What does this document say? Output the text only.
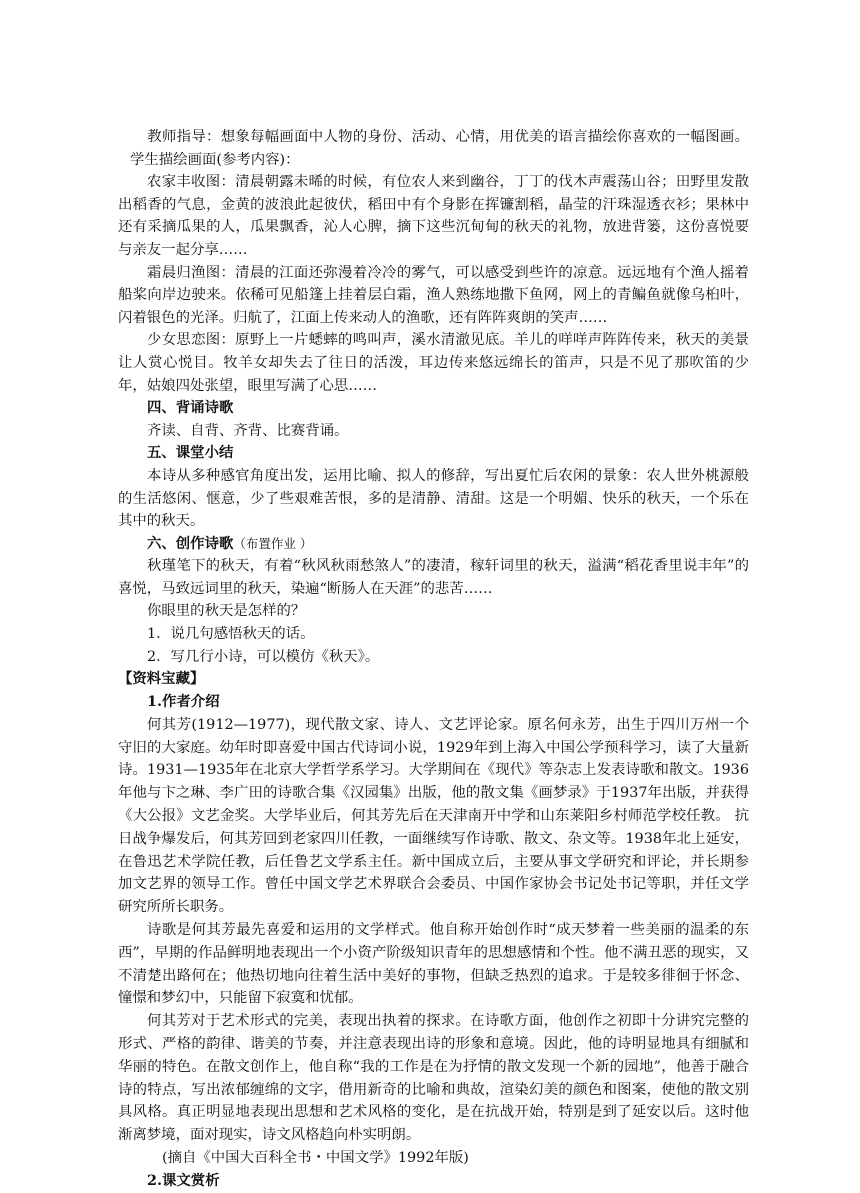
教师指导：想象每幅画面中人物的身份、活动、心情，用优美的语言描绘你喜欢的一幅图画。学生描绘画面(参考内容)：

农家丰收图：清晨朝露未晞的时候，有位农人来到幽谷，丁丁的伐木声震荡山谷；田野里发散出稻香的气息，金黄的波浪此起彼伏，稻田中有个身影在挥镰割稻，晶莹的汗珠湿透衣衫；果林中还有采摘瓜果的人，瓜果飘香，沁人心脾，摘下这些沉甸甸的秋天的礼物，放进背篓，这份喜悦要与亲友一起分享……

霜晨归渔图：清晨的江面还弥漫着冷冷的雾气，可以感受到些许的凉意。远远地有个渔人摇着船桨向岸边驶来。依稀可见船篷上挂着层白霜，渔人熟练地撒下鱼网，网上的青鳊鱼就像乌桕叶，闪着银色的光泽。归航了，江面上传来动人的渔歌，还有阵阵爽朗的笑声……

少女思恋图：原野上一片蟋蟀的鸣叫声，溪水清澈见底。羊儿的咩咩声阵阵传来，秋天的美景让人赏心悦目。牧羊女却失去了往日的活泼，耳边传来悠远绵长的笛声，只是不见了那吹笛的少年，姑娘四处张望，眼里写满了心思……

四、背诵诗歌

齐读、自背、齐背、比赛背诵。

五、课堂小结

本诗从多种感官角度出发，运用比喻、拟人的修辞，写出夏忙后农闲的景象：农人世外桃源般的生活悠闲、惬意，少了些艰难苦恨，多的是清静、清甜。这是一个明媚、快乐的秋天，一个乐在其中的秋天。

六、创作诗歌（布置作业 ）

秋瑾笔下的秋天，有着“秋风秋雨愁煞人”的凄清，稼轩词里的秋天，溢满“稻花香里说丰年”的喜悦，马致远词里的秋天，染遍“断肠人在天涯”的悲苦……

你眼里的秋天是怎样的？

1．说几句感悟秋天的话。

2．写几行小诗，可以模仿《秋天》。

【资料宝藏】

1.作者介绍

何其芳(1912—1977)，现代散文家、诗人、文艺评论家。原名何永芳，出生于四川万州一个守旧的大家庭。幼年时即喜爱中国古代诗词小说，1929年到上海入中国公学预科学习，读了大量新诗。1931—1935年在北京大学哲学系学习。大学期间在《现代》等杂志上发表诗歌和散文。1936年他与卞之琳、李广田的诗歌合集《汉园集》出版，他的散文集《画梦录》于1937年出版，并获得《大公报》文艺金奖。大学毕业后，何其芳先后在天津南开中学和山东莱阳乡村师范学校任教。 抗日战争爆发后，何其芳回到老家四川任教，一面继续写作诗歌、散文、杂文等。1938年北上延安，在鲁迅艺术学院任教，后任鲁艺文学系主任。新中国成立后，主要从事文学研究和评论，并长期参加文艺界的领导工作。曾任中国文学艺术界联合会委员、中国作家协会书记处书记等职，并任文学研究所所长职务。

诗歌是何其芳最先喜爱和运用的文学样式。他自称开始创作时“成天梦着一些美丽的温柔的东西”，早期的作品鲜明地表现出一个小资产阶级知识青年的思想感情和个性。他不满丑恶的现实，又不清楚出路何在；他热切地向往着生活中美好的事物，但缺乏热烈的追求。于是较多徘徊于怀念、憧憬和梦幻中，只能留下寂寞和忧郁。

何其芳对于艺术形式的完美，表现出执着的探求。在诗歌方面，他创作之初即十分讲究完整的形式、严格的韵律、谐美的节奏，并注意表现出诗的形象和意境。因此，他的诗明显地具有细腻和华丽的特色。在散文创作上，他自称“我的工作是在为抒情的散文发现一个新的园地”，他善于融合诗的特点，写出浓郁缠绵的文字，借用新奇的比喻和典故，渲染幻美的颜色和图案，使他的散文别具风格。真正明显地表现出思想和艺术风格的变化，是在抗战开始，特别是到了延安以后。这时他渐离梦境，面对现实，诗文风格趋向朴实明朗。

(摘自《中国大百科全书・中国文学》1992年版)

2.课文赏析
